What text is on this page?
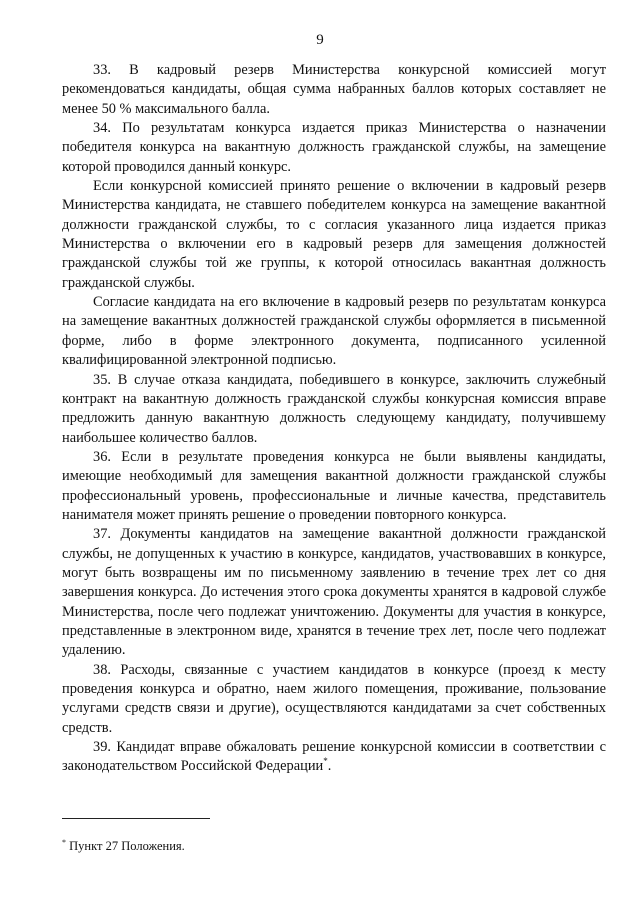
9

33. В кадровый резерв Министерства конкурсной комиссией могут рекомендоваться кандидаты, общая сумма набранных баллов которых составляет не менее 50 % максимального балла.

34. По результатам конкурса издается приказ Министерства о назначении победителя конкурса на вакантную должность гражданской службы, на замещение которой проводился данный конкурс.

Если конкурсной комиссией принято решение о включении в кадровый резерв Министерства кандидата, не ставшего победителем конкурса на замещение вакантной должности гражданской службы, то с согласия указанного лица издается приказ Министерства о включении его в кадровый резерв для замещения должностей гражданской службы той же группы, к которой относилась вакантная должность гражданской службы.

Согласие кандидата на его включение в кадровый резерв по результатам конкурса на замещение вакантных должностей гражданской службы оформляется в письменной форме, либо в форме электронного документа, подписанного усиленной квалифицированной электронной подписью.

35. В случае отказа кандидата, победившего в конкурсе, заключить служебный контракт на вакантную должность гражданской службы конкурсная комиссия вправе предложить данную вакантную должность следующему кандидату, получившему наибольшее количество баллов.

36. Если в результате проведения конкурса не были выявлены кандидаты, имеющие необходимый для замещения вакантной должности гражданской службы профессиональный уровень, профессиональные и личные качества, представитель нанимателя может принять решение о проведении повторного конкурса.

37. Документы кандидатов на замещение вакантной должности гражданской службы, не допущенных к участию в конкурсе, кандидатов, участвовавших в конкурсе, могут быть возвращены им по письменному заявлению в течение трех лет со дня завершения конкурса. До истечения этого срока документы хранятся в кадровой службе Министерства, после чего подлежат уничтожению. Документы для участия в конкурсе, представленные в электронном виде, хранятся в течение трех лет, после чего подлежат удалению.

38. Расходы, связанные с участием кандидатов в конкурсе (проезд к месту проведения конкурса и обратно, наем жилого помещения, проживание, пользование услугами средств связи и другие), осуществляются кандидатами за счет собственных средств.

39. Кандидат вправе обжаловать решение конкурсной комиссии в соответствии с законодательством Российской Федерации*.

* Пункт 27 Положения.
